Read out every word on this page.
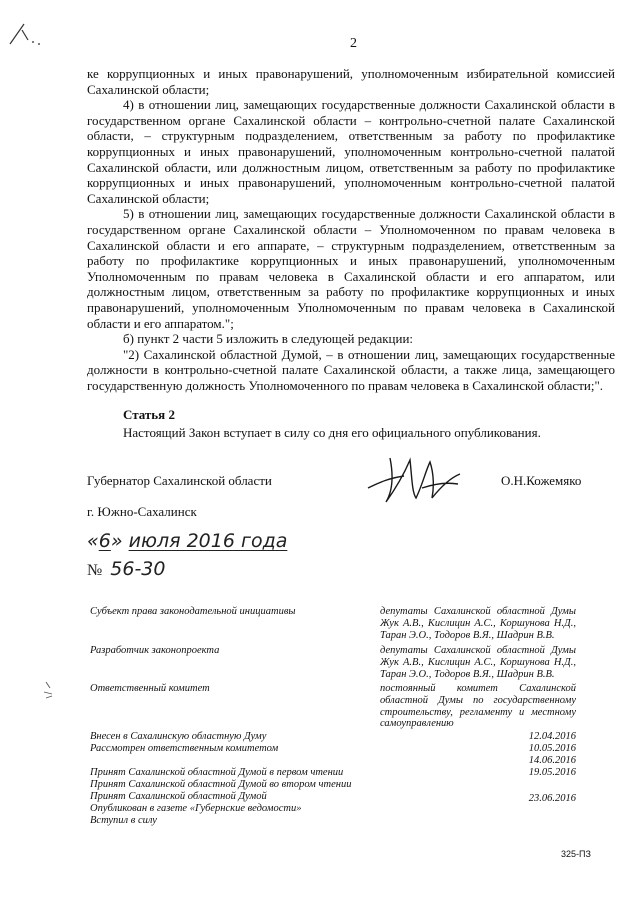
2

ке коррупционных и иных правонарушений, уполномоченным избирательной комиссией Сахалинской области;

4) в отношении лиц, замещающих государственные должности Сахалинской области в государственном органе Сахалинской области – контрольно-счетной палате Сахалинской области, – структурным подразделением, ответственным за работу по профилактике коррупционных и иных правонарушений, уполномоченным контрольно-счетной палатой Сахалинской области, или должностным лицом, ответственным за работу по профилактике коррупционных и иных правонарушений, уполномоченным контрольно-счетной палатой Сахалинской области;

5) в отношении лиц, замещающих государственные должности Сахалинской области в государственном органе Сахалинской области – Уполномоченном по правам человека в Сахалинской области и его аппарате, – структурным подразделением, ответственным за работу по профилактике коррупционных и иных правонарушений, уполномоченным Уполномоченным по правам человека в Сахалинской области и его аппаратом, или должностным лицом, ответственным за работу по профилактике коррупционных и иных правонарушений, уполномоченным Уполномоченным по правам человека в Сахалинской области и его аппаратом.";

б) пункт 2 части 5 изложить в следующей редакции:

"2) Сахалинской областной Думой, – в отношении лиц, замещающих государственные должности в контрольно-счетной палате Сахалинской области, а также лица, замещающего государственную должность Уполномоченного по правам человека в Сахалинской области;".

Статья 2
Настоящий Закон вступает в силу со дня его официального опубликования.
Губернатор Сахалинской области	О.Н.Кожемяко
г. Южно-Сахалинск
«6» июля 2016 года
№ 56-30
Субъект права законодательной инициативы	депутаты Сахалинской областной Думы Жук А.В., Кислицин А.С., Коршунова Н.Д., Таран Э.О., Тодоров В.Я., Шадрин В.В.
Разработчик законопроекта	депутаты Сахалинской областной Думы Жук А.В., Кислицин А.С., Коршунова Н.Д., Таран Э.О., Тодоров В.Я., Шадрин В.В.
Ответственный комитет	постоянный комитет Сахалинской областной Думы по государственному строительству, регламенту и местному самоуправлению
Внесен в Сахалинскую областную Думу	12.04.2016
Рассмотрен ответственным комитетом	10.05.2016
14.06.2016
Принят Сахалинской областной Думой в первом чтении	19.05.2016
Принят Сахалинской областной Думой во втором чтении
Принят Сахалинской областной Думой	23.06.2016
Опубликован в газете «Губернские ведомости»
Вступил в силу
325-ПЗ
